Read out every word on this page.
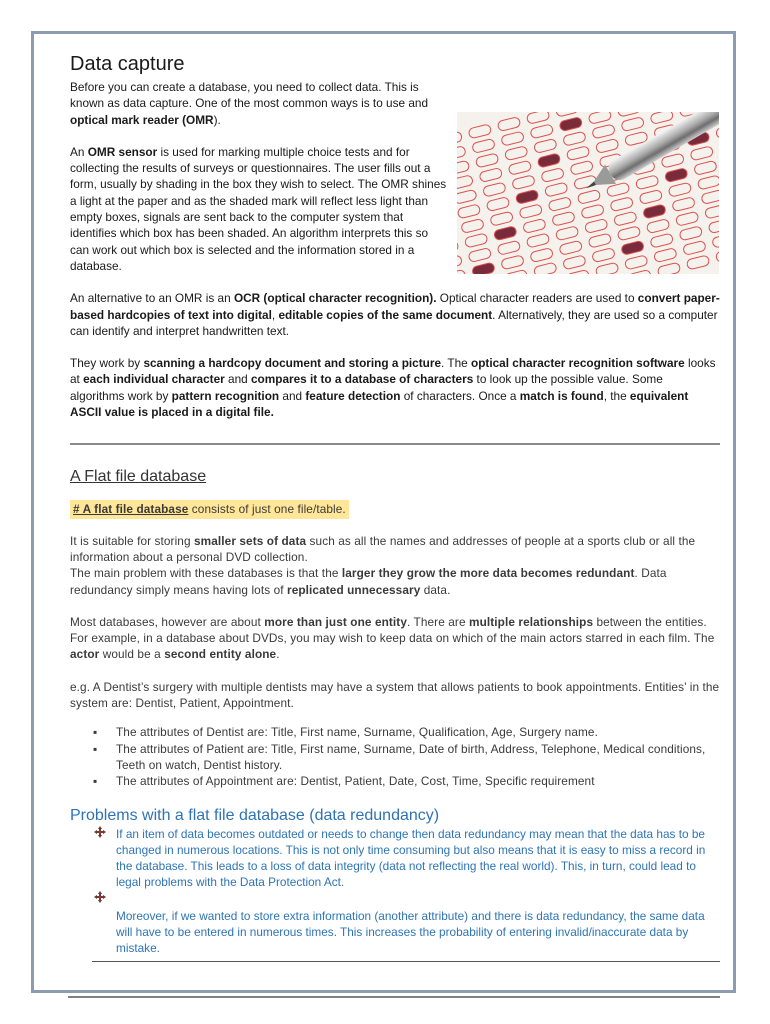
Data capture

Before you can create a database, you need to collect data. This is known as data capture. One of the most common ways is to use and optical mark reader (OMR).

An OMR sensor is used for marking multiple choice tests and for collecting the results of surveys or questionnaires. The user fills out a form, usually by shading in the box they wish to select. The OMR shines a light at the paper and as the shaded mark will reflect less light than empty boxes, signals are sent back to the computer system that identifies which box has been shaded. An algorithm interprets this so can work out which box is selected and the information stored in a database.

An alternative to an OMR is an OCR (optical character recognition). Optical character readers are used to convert paper-based hardcopies of text into digital, editable copies of the same document. Alternatively, they are used so a computer can identify and interpret handwritten text.

They work by scanning a hardcopy document and storing a picture. The optical character recognition software looks at each individual character and compares it to a database of characters to look up the possible value. Some algorithms work by pattern recognition and feature detection of characters. Once a match is found, the equivalent ASCII value is placed in a digital file.

A Flat file database

# A flat file database consists of just one file/table.

It is suitable for storing smaller sets of data such as all the names and addresses of people at a sports club or all the information about a personal DVD collection.

The main problem with these databases is that the larger they grow the more data becomes redundant. Data redundancy simply means having lots of replicated unnecessary data.

Most databases, however are about more than just one entity. There are multiple relationships between the entities. For example, in a database about DVDs, you may wish to keep data on which of the main actors starred in each film. The actor would be a second entity alone.

e.g. A Dentist’s surgery with multiple dentists may have a system that allows patients to book appointments. Entities’ in the system are: Dentist, Patient, Appointment.

▪ The attributes of Dentist are: Title, First name, Surname, Qualification, Age, Surgery name.
▪ The attributes of Patient are: Title, First name, Surname, Date of birth, Address, Telephone, Medical conditions, Teeth on watch, Dentist history.
▪ The attributes of Appointment are: Dentist, Patient, Date, Cost, Time, Specific requirement
Problems with a flat file database (data redundancy)
If an item of data becomes outdated or needs to change then data redundancy may mean that the data has to be changed in numerous locations. This is not only time consuming but also means that it is easy to miss a record in the database. This leads to a loss of data integrity (data not reflecting the real world). This, in turn, could lead to legal problems with the Data Protection Act.
Moreover, if we wanted to store extra information (another attribute) and there is data redundancy, the same data will have to be entered in numerous times. This increases the probability of entering invalid/inaccurate data by mistake.
